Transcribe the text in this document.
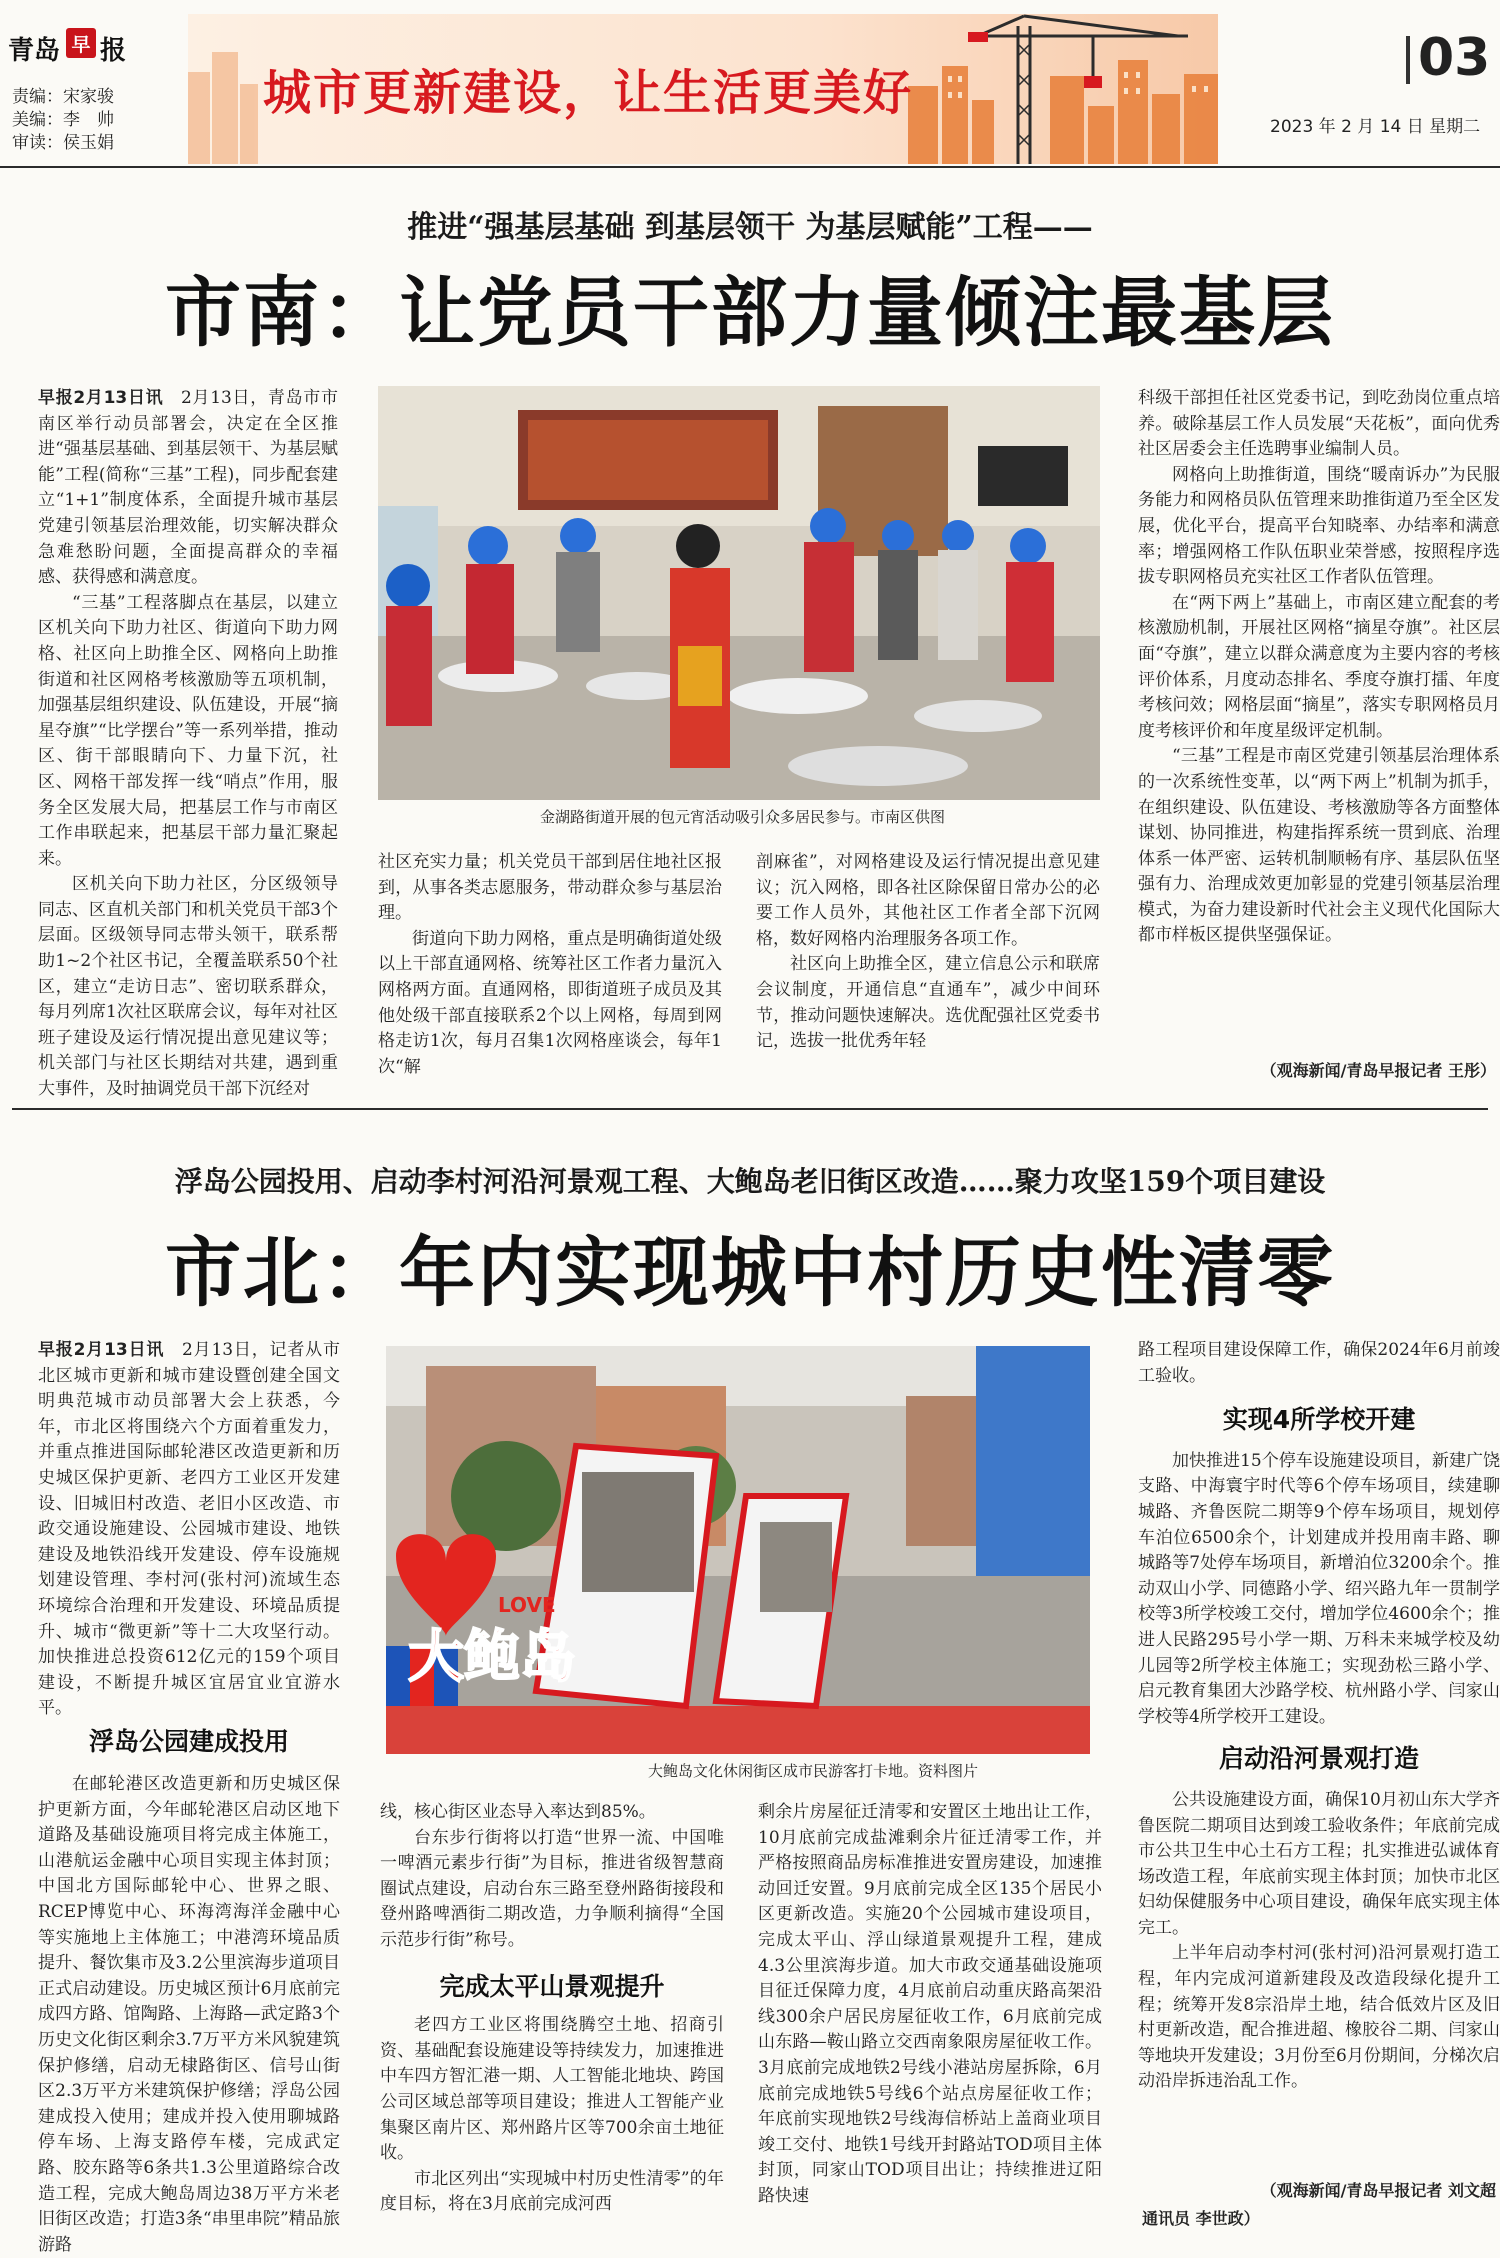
青岛 早 报
责编：宋家骏
美编：李　帅
审读：侯玉娟
城市更新建设，让生活更美好
03
2023 年 2 月 14 日 星期二
推进“强基层基础 到基层领干 为基层赋能”工程——
市南：让党员干部力量倾注最基层

早报2月13日讯　 2月13日，青岛市市南区举行动员部署会，决定在全区推进“强基层基础、到基层领干、为基层赋能”工程(简称“三基”工程)，同步配套建立“1+1”制度体系，全面提升城市基层党建引领基层治理效能，切实解决群众急难愁盼问题，全面提高群众的幸福感、获得感和满意度。

“三基”工程落脚点在基层，以建立区机关向下助力社区、街道向下助力网格、社区向上助推全区、网格向上助推街道和社区网格考核激励等五项机制，加强基层组织建设、队伍建设，开展“摘星夺旗”“比学摆台”等一系列举措，推动区、街干部眼睛向下、力量下沉，社区、网格干部发挥一线“哨点”作用，服务全区发展大局，把基层工作与市南区工作串联起来，把基层干部力量汇聚起来。

区机关向下助力社区，分区级领导同志、区直机关部门和机关党员干部3个层面。区级领导同志带头领干，联系帮助1~2个社区书记，全覆盖联系50个社区，建立“走访日志”、密切联系群众，每月列席1次社区联席会议，每年对社区班子建设及运行情况提出意见建议等；机关部门与社区长期结对共建，遇到重大事件，及时抽调党员干部下沉经对

金湖路街道开展的包元宵活动吸引众多居民参与。市南区供图

社区充实力量；机关党员干部到居住地社区报到，从事各类志愿服务，带动群众参与基层治理。

街道向下助力网格，重点是明确街道处级以上干部直通网格、统筹社区工作者力量沉入网格两方面。直通网格，即街道班子成员及其他处级干部直接联系2个以上网格，每周到网格走访1次，每月召集1次网格座谈会，每年1次“解

剖麻雀”，对网格建设及运行情况提出意见建议；沉入网格，即各社区除保留日常办公的必要工作人员外，其他社区工作者全部下沉网格，数好网格内治理服务各项工作。

社区向上助推全区，建立信息公示和联席会议制度，开通信息“直通车”，减少中间环节，推动问题快速解决。选优配强社区党委书记，选拔一批优秀年轻

科级干部担任社区党委书记，到吃劲岗位重点培养。破除基层工作人员发展“天花板”，面向优秀社区居委会主任选聘事业编制人员。

网格向上助推街道，围绕“暖南诉办”为民服务能力和网格员队伍管理来助推街道乃至全区发展，优化平台，提高平台知晓率、办结率和满意率；增强网格工作队伍职业荣誉感，按照程序选拔专职网格员充实社区工作者队伍管理。

在“两下两上”基础上，市南区建立配套的考核激励机制，开展社区网格“摘星夺旗”。社区层面“夺旗”，建立以群众满意度为主要内容的考核评价体系，月度动态排名、季度夺旗打擂、年度考核问效；网格层面“摘星”，落实专职网格员月度考核评价和年度星级评定机制。

“三基”工程是市南区党建引领基层治理体系的一次系统性变革，以“两下两上”机制为抓手，在组织建设、队伍建设、考核激励等各方面整体谋划、协同推进，构建指挥系统一贯到底、治理体系一体严密、运转机制顺畅有序、基层队伍坚强有力、治理成效更加彰显的党建引领基层治理模式，为奋力建设新时代社会主义现代化国际大都市样板区提供坚强保证。

（观海新闻/青岛早报记者 王彤）
浮岛公园投用、启动李村河沿河景观工程、大鲍岛老旧街区改造……聚力攻坚159个项目建设
市北：年内实现城中村历史性清零

早报2月13日讯　 2月13日，记者从市北区城市更新和城市建设暨创建全国文明典范城市动员部署大会上获悉，今年，市北区将围绕六个方面着重发力，并重点推进国际邮轮港区改造更新和历史城区保护更新、老四方工业区开发建设、旧城旧村改造、老旧小区改造、市政交通设施建设、公园城市建设、地铁建设及地铁沿线开发建设、停车设施规划建设管理、李村河(张村河)流域生态环境综合治理和开发建设、环境品质提升、城市“微更新”等十二大攻坚行动。加快推进总投资612亿元的159个项目建设，不断提升城区宜居宜业宜游水平。

浮岛公园建成投用

在邮轮港区改造更新和历史城区保护更新方面，今年邮轮港区启动区地下道路及基础设施项目将完成主体施工，山港航运金融中心项目实现主体封顶；中国北方国际邮轮中心、世界之眼、RCEP博览中心、环海湾海洋金融中心等实施地上主体施工；中港湾环境品质提升、餐饮集市及3.2公里滨海步道项目正式启动建设。历史城区预计6月底前完成四方路、馆陶路、上海路—武定路3个历史文化街区剩余3.7万平方米风貌建筑保护修缮，启动无棣路街区、信号山街区2.3万平方米建筑保护修缮；浮岛公园建成投入使用；建成并投入使用聊城路停车场、上海支路停车楼，完成武定路、胶东路等6条共1.3公里道路综合改造工程，完成大鲍岛周边38万平方米老旧街区改造；打造3条“串里串院”精品旅游路

LOVE
大鲍岛
大鲍岛文化休闲街区成市民游客打卡地。资料图片

线，核心街区业态导入率达到85%。

台东步行街将以打造“世界一流、中国唯一啤酒元素步行街”为目标，推进省级智慧商圈试点建设，启动台东三路至登州路街接段和登州路啤酒街二期改造，力争顺利摘得“全国示范步行街”称号。

完成太平山景观提升

老四方工业区将围绕腾空土地、招商引资、基础配套设施建设等持续发力，加速推进中车四方智汇港一期、人工智能北地块、跨国公司区域总部等项目建设；推进人工智能产业集聚区南片区、郑州路片区等700余亩土地征收。

市北区列出“实现城中村历史性清零”的年度目标，将在3月底前完成河西

剩余片房屋征迁清零和安置区土地出让工作，10月底前完成盐滩剩余片征迁清零工作，并严格按照商品房标准推进安置房建设，加速推动回迁安置。9月底前完成全区135个居民小区更新改造。实施20个公园城市建设项目，完成太平山、浮山绿道景观提升工程，建成4.3公里滨海步道。加大市政交通基础设施项目征迁保障力度，4月底前启动重庆路高架沿线300余户居民房屋征收工作，6月底前完成山东路—鞍山路立交西南象限房屋征收工作。3月底前完成地铁2号线小港站房屋拆除，6月底前完成地铁5号线6个站点房屋征收工作；年底前实现地铁2号线海信桥站上盖商业项目竣工交付、地铁1号线开封路站TOD项目主体封顶，同家山TOD项目出让；持续推进辽阳路快速

路工程项目建设保障工作，确保2024年6月前竣工验收。

实现4所学校开建

加快推进15个停车设施建设项目，新建广饶支路、中海寰宇时代等6个停车场项目，续建聊城路、齐鲁医院二期等9个停车场项目，规划停车泊位6500余个，计划建成并投用南丰路、聊城路等7处停车场项目，新增泊位3200余个。推动双山小学、同德路小学、绍兴路九年一贯制学校等3所学校竣工交付，增加学位4600余个；推进人民路295号小学一期、万科未来城学校及幼儿园等2所学校主体施工；实现劲松三路小学、启元教育集团大沙路学校、杭州路小学、闫家山学校等4所学校开工建设。

启动沿河景观打造

公共设施建设方面，确保10月初山东大学齐鲁医院二期项目达到竣工验收条件；年底前完成市公共卫生中心土石方工程；扎实推进弘诚体育场改造工程，年底前实现主体封顶；加快市北区妇幼保健服务中心项目建设，确保年底实现主体完工。

上半年启动李村河(张村河)沿河景观打造工程，年内完成河道新建段及改造段绿化提升工程；统筹开发8宗沿岸土地，结合低效片区及旧村更新改造，配合推进超、橡胶谷二期、闫家山等地块开发建设；3月份至6月份期间，分梯次启动沿岸拆违治乱工作。

（观海新闻/青岛早报记者 刘文超
通讯员 李世政）
